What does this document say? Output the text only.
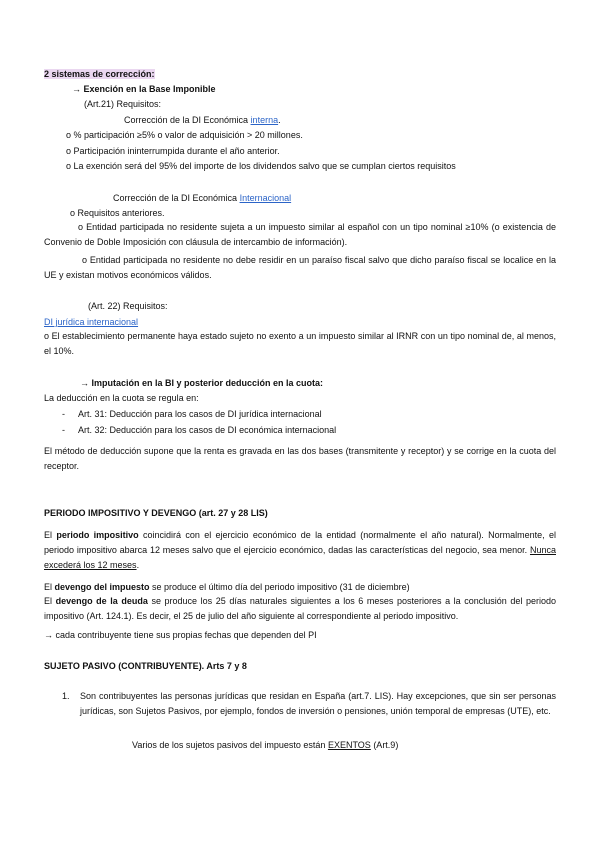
2 sistemas de corrección:
→ Exención en la Base Imponible
(Art.21) Requisitos:
Corrección de la DI Económica interna.
o % participación ≥5% o valor de adquisición > 20 millones.
o Participación ininterrumpida durante el año anterior.
o La exención será del 95% del importe de los dividendos salvo que se cumplan ciertos requisitos
Corrección de la DI Económica Internacional
o Requisitos anteriores.
o Entidad participada no residente sujeta a un impuesto similar al español con un tipo nominal ≥10% (o existencia de Convenio de Doble Imposición con cláusula de intercambio de información).
o Entidad participada no residente no debe residir en un paraíso fiscal salvo que dicho paraíso fiscal se localice en la UE y existan motivos económicos válidos.
(Art. 22) Requisitos:
DI jurídica internacional
o El establecimiento permanente haya estado sujeto no exento a un impuesto similar al IRNR con un tipo nominal de, al menos, el 10%.
→ Imputación en la BI y posterior deducción en la cuota:
La deducción en la cuota se regula en:
- Art. 31: Deducción para los casos de DI jurídica internacional
- Art. 32: Deducción para los casos de DI económica internacional
El método de deducción supone que la renta es gravada en las dos bases (transmitente y receptor) y se corrige en la cuota del receptor.
PERIODO IMPOSITIVO Y DEVENGO (art. 27 y 28 LIS)
El periodo impositivo coincidirá con el ejercicio económico de la entidad (normalmente el año natural). Normalmente, el periodo impositivo abarca 12 meses salvo que el ejercicio económico, dadas las características del negocio, sea menor. Nunca excederá los 12 meses.
El devengo del impuesto se produce el último día del periodo impositivo (31 de diciembre)
El devengo de la deuda se produce los 25 días naturales siguientes a los 6 meses posteriores a la conclusión del periodo impositivo (Art. 124.1). Es decir, el 25 de julio del año siguiente al correspondiente al periodo impositivo.
→ cada contribuyente tiene sus propias fechas que dependen del PI
SUJETO PASIVO (CONTRIBUYENTE). Arts 7 y 8
1. Son contribuyentes las personas jurídicas que residan en España (art.7. LIS). Hay excepciones, que sin ser personas jurídicas, son Sujetos Pasivos, por ejemplo, fondos de inversión o pensiones, unión temporal de empresas (UTE), etc.
Varios de los sujetos pasivos del impuesto están EXENTOS (Art.9)
